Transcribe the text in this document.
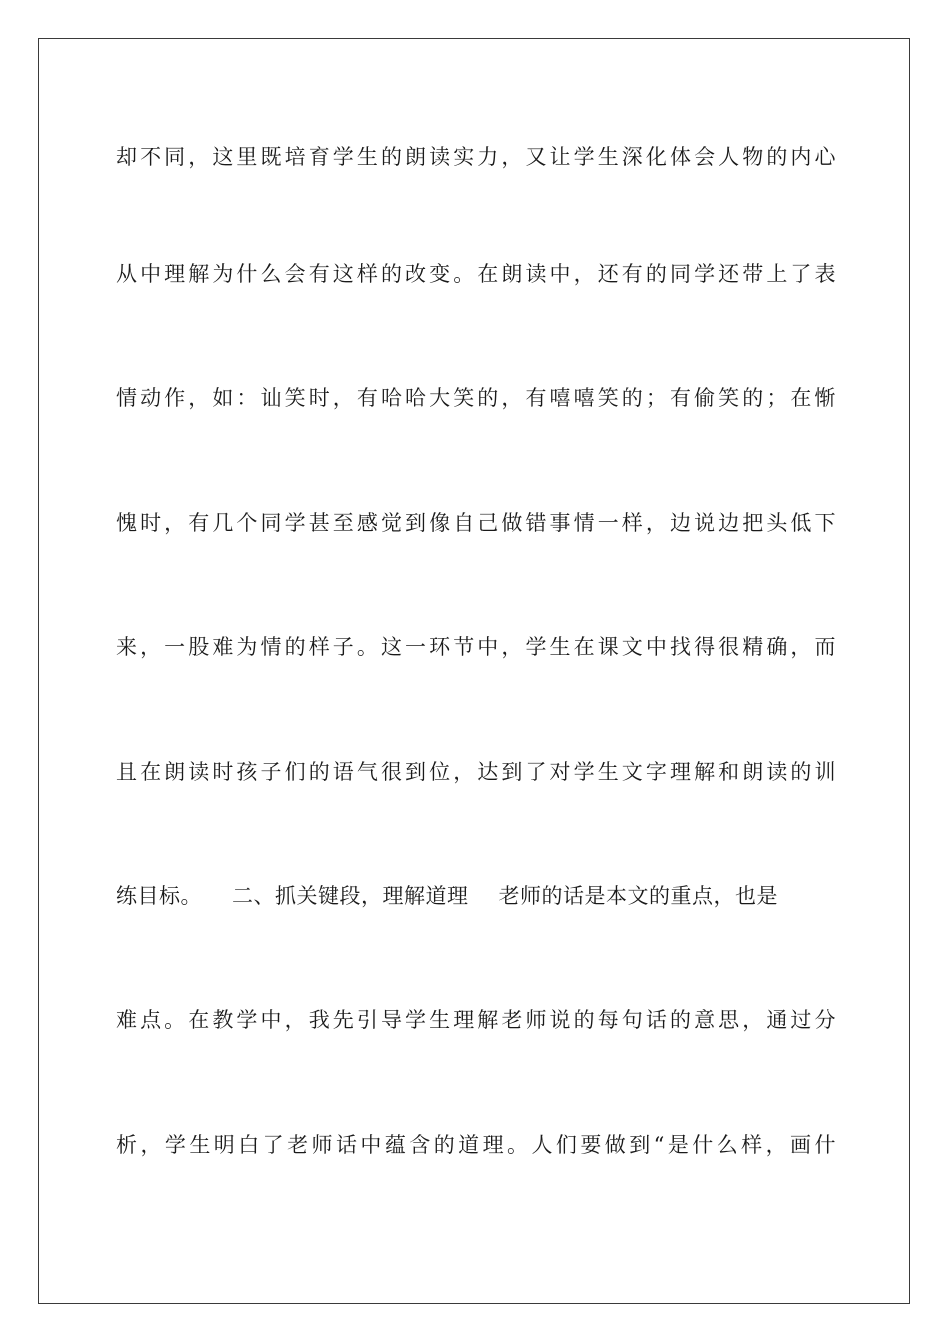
却不同，这里既培育学生的朗读实力，又让学生深化体会人物的内心
从中理解为什么会有这样的改变。在朗读中，还有的同学还带上了表
情动作，如：讪笑时，有哈哈大笑的，有嘻嘻笑的；有偷笑的；在惭
愧时，有几个同学甚至感觉到像自己做错事情一样，边说边把头低下
来，一股难为情的样子。这一环节中，学生在课文中找得很精确，而
且在朗读时孩子们的语气很到位，达到了对学生文字理解和朗读的训
练目标。 二、抓关键段，理解道理 老师的话是本文的重点，也是
难点。在教学中，我先引导学生理解老师说的每句话的意思，通过分
析，学生明白了老师话中蕴含的道理。人们要做到“是什么样，画什
